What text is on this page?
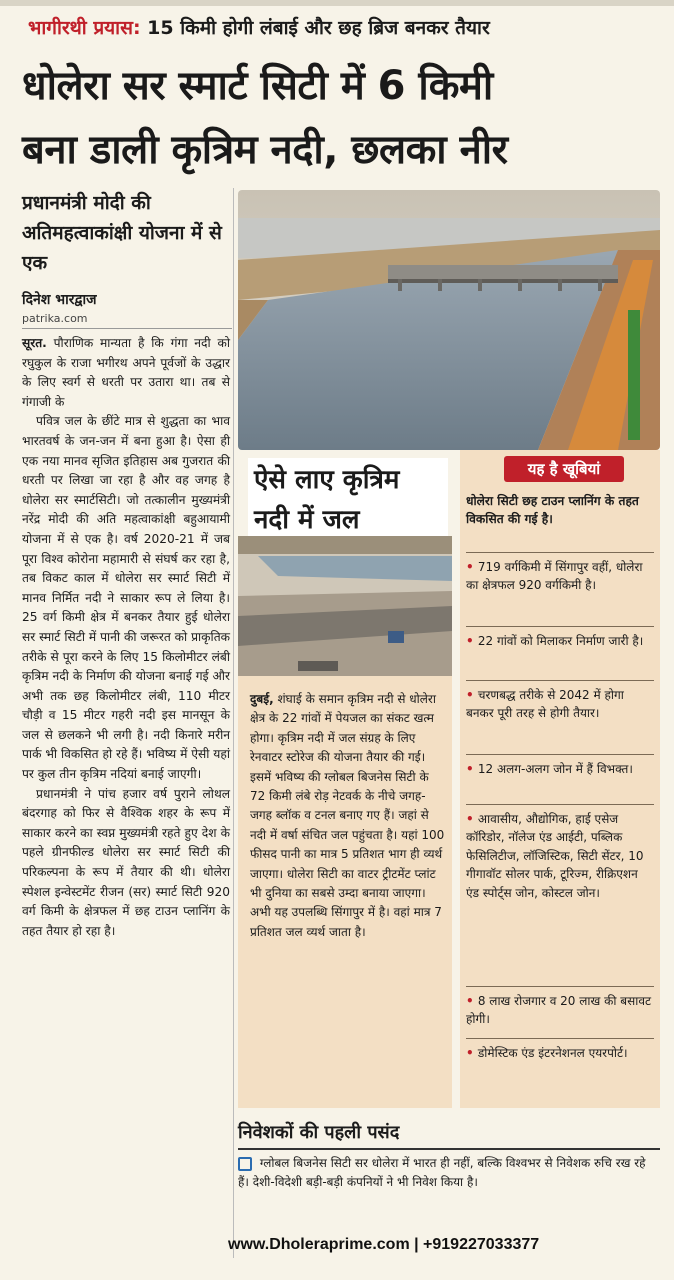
भागीरथी प्रयास: 15 किमी होगी लंबाई और छह ब्रिज बनकर तैयार
धोलेरा सर स्मार्ट सिटी में 6 किमी
बना डाली कृत्रिम नदी, छलका नीर
प्रधानमंत्री मोदी की अतिमहत्वाकांक्षी योजना में से एक
दिनेश भारद्वाज
patrika.com

सूरत. पौराणिक मान्यता है कि गंगा नदी को रघुकुल के राजा भगीरथ अपने पूर्वजों के उद्धार के लिए स्वर्ग से धरती पर उतारा था। तब से गंगाजी के

पवित्र जल के छींटे मात्र से शुद्धता का भाव भारतवर्ष के जन-जन में बना हुआ है। ऐसा ही एक नया मानव सृजित इतिहास अब गुजरात की धरती पर लिखा जा रहा है और वह जगह है धोलेरा सर स्मार्टसिटी। जो तत्कालीन मुख्यमंत्री नरेंद्र मोदी की अति महत्वाकांक्षी बहुआयामी योजना में से एक है। वर्ष 2020-21 में जब पूरा विश्व कोरोना महामारी से संघर्ष कर रहा है, तब विकट काल में धोलेरा सर स्मार्ट सिटी में मानव निर्मित नदी ने साकार रूप ले लिया है। 25 वर्ग किमी क्षेत्र में बनकर तैयार हुई धोलेरा सर स्मार्ट सिटी में पानी की जरूरत को प्राकृतिक तरीके से पूरा करने के लिए 15 किलोमीटर लंबी कृत्रिम नदी के निर्माण की योजना बनाई गई और अभी तक छह किलोमीटर लंबी, 110 मीटर चौड़ी व 15 मीटर गहरी नदी इस मानसून के जल से छलकने भी लगी है। नदी किनारे मरीन पार्क भी विकसित हो रहे हैं। भविष्य में ऐसी यहां पर कुल तीन कृत्रिम नदियां बनाई जाएगी।

प्रधानमंत्री ने पांच हजार वर्ष पुराने लोथल बंदरगाह को फिर से वैश्विक शहर के रूप में साकार करने का स्वप्न मुख्यमंत्री रहते हुए देश के पहले ग्रीनफील्ड धोलेरा सर स्मार्ट सिटी की परिकल्पना के रूप में तैयार की थी। धोलेरा स्पेशल इन्वेस्टमेंट रीजन (सर) स्मार्ट सिटी 920 वर्ग किमी के क्षेत्रफल में छह टाउन प्लानिंग के तहत तैयार हो रहा है।

ऐसे लाए कृत्रिम नदी में जल
दुबई, शंघाई के समान कृत्रिम नदी से धोलेरा क्षेत्र के 22 गांवों में पेयजल का संकट खत्म होगा। कृत्रिम नदी में जल संग्रह के लिए रेनवाटर स्टोरेज की योजना तैयार की गई। इसमें भविष्य की ग्लोबल बिजनेस सिटी के 72 किमी लंबे रोड़ नेटवर्क के नीचे जगह-जगह ब्लॉक व टनल बनाए गए हैं। जहां से नदी में वर्षा संचित जल पहुंचता है। यहां 100 फीसद पानी का मात्र 5 प्रतिशत भाग ही व्यर्थ जाएगा। धोलेरा सिटी का वाटर ट्रीटमेंट प्लांट भी दुनिया का सबसे उम्दा बनाया जाएगा। अभी यह उपलब्धि सिंगापुर में है। वहां मात्र 7 प्रतिशत जल व्यर्थ जाता है।
यह है खूबियां
धोलेरा सिटी छह टाउन प्लानिंग के तहत विकसित की गई है।
• 719 वर्गकिमी में सिंगापुर वहीं, धोलेरा का क्षेत्रफल 920 वर्गकिमी है।
• 22 गांवों को मिलाकर निर्माण जारी है।
• चरणबद्ध तरीके से 2042 में होगा बनकर पूरी तरह से होगी तैयार।
• 12 अलग-अलग जोन में हैं विभक्त।
• आवासीय, औद्योगिक, हाई एसेज कॉरिडोर, नॉलेज एंड आईटी, पब्लिक फेसिलिटीज, लॉजिस्टिक, सिटी सेंटर, 10 गीगावॉट सोलर पार्क, टूरिज्म, रीक्रिएशन एंड स्पोर्ट्स जोन, कोस्टल जोन।
• 8 लाख रोजगार व 20 लाख की बसावट होगी।
• डोमेस्टिक एंड इंटरनेशनल एयरपोर्ट।
निवेशकों की पहली पसंद
ग्लोबल बिजनेस सिटी सर धोलेरा में भारत ही नहीं, बल्कि विश्वभर से निवेशक रुचि रख रहे हैं। देशी-विदेशी बड़ी-बड़ी कंपनियों ने भी निवेश किया है।
www.Dholeraprime.com | +919227033377
